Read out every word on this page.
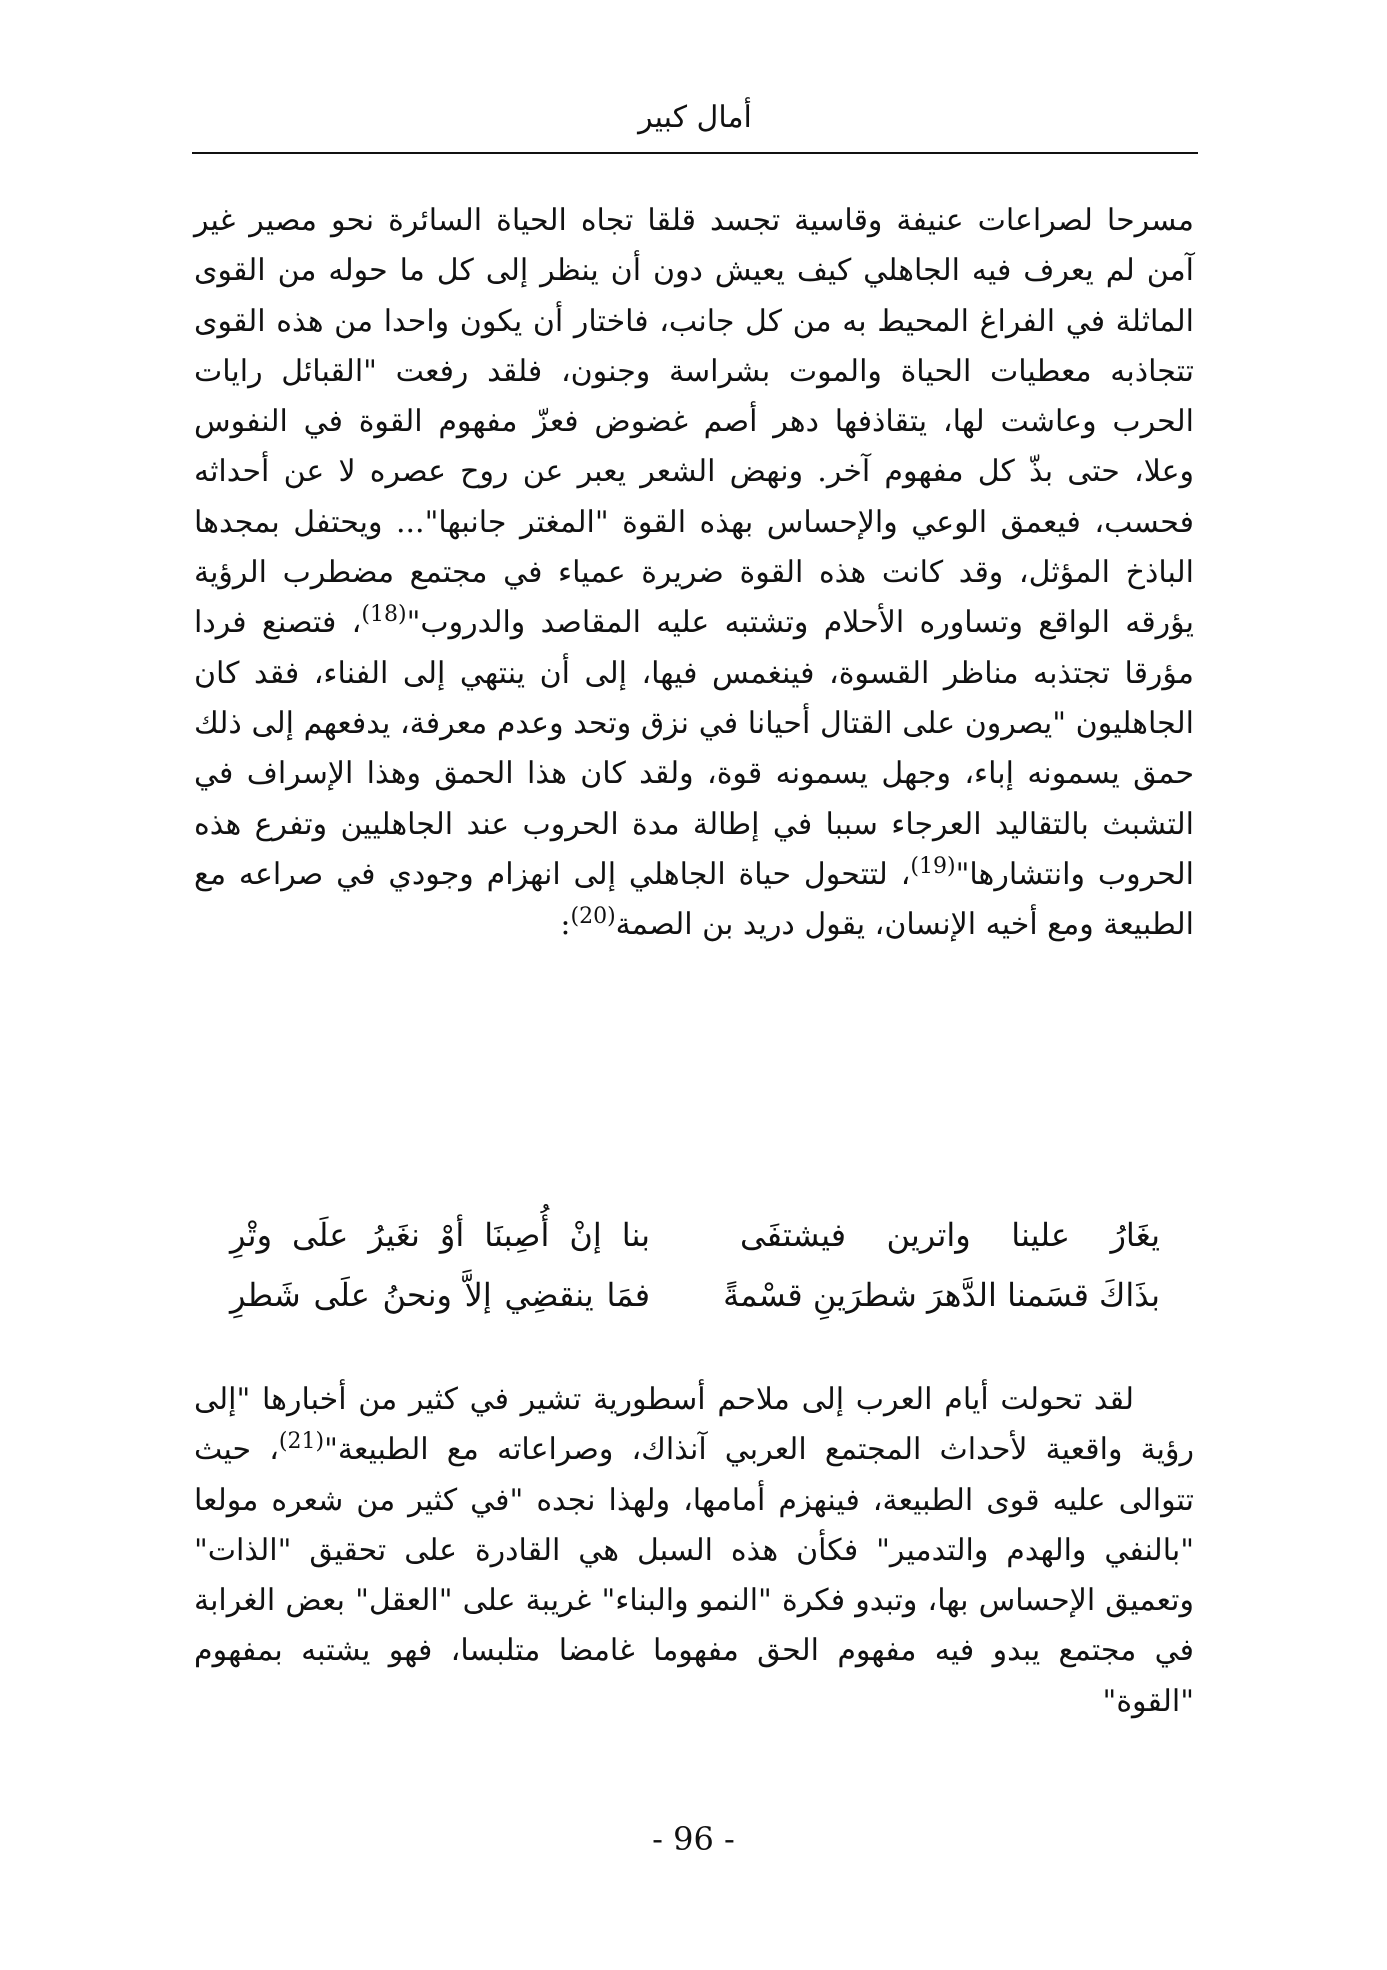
أمال كبير

مسرحا لصراعات عنيفة وقاسية تجسد قلقا تجاه الحياة السائرة نحو مصير غير آمن لم يعرف فيه الجاهلي كيف يعيش دون أن ينظر إلى كل ما حوله من القوى الماثلة في الفراغ المحيط به من كل جانب، فاختار أن يكون واحدا من هذه القوى تتجاذبه معطيات الحياة والموت بشراسة وجنون، فلقد رفعت "القبائل رايات الحرب وعاشت لها، يتقاذفها دهر أصم غضوض فعزّ مفهوم القوة في النفوس وعلا، حتى بذّ كل مفهوم آخر. ونهض الشعر يعبر عن روح عصره لا عن أحداثه فحسب، فيعمق الوعي والإحساس بهذه القوة "المغتر جانبها"... ويحتفل بمجدها الباذخ المؤثل، وقد كانت هذه القوة ضريرة عمياء في مجتمع مضطرب الرؤية يؤرقه الواقع وتساوره الأحلام وتشتبه عليه المقاصد والدروب"$^{(18)}$، فتصنع فردا مؤرقا تجتذبه مناظر القسوة، فينغمس فيها، إلى أن ينتهي إلى الفناء، فقد كان الجاهليون "يصرون على القتال أحيانا في نزق وتحد وعدم معرفة، يدفعهم إلى ذلك حمق يسمونه إباء، وجهل يسمونه قوة، ولقد كان هذا الحمق وهذا الإسراف في التشبث بالتقاليد العرجاء سببا في إطالة مدة الحروب عند الجاهليين وتفرع هذه الحروب وانتشارها"$^{(19)}$، لتتحول حياة الجاهلي إلى انهزام وجودي في صراعه مع الطبيعة ومع أخيه الإنسان، يقول دريد بن الصمة$^{(20)}$:

يغَارُ علينا واترين فيشتفَى
بنا إنْ أُصِبنَا أوْ نغَيرُ علَى وتْرِ
بذَاكَ قسَمنا الدَّهرَ شطرَينِ قسْمةً
فمَا ينقضِي إلاَّ ونحنُ علَى شَطرِ

لقد تحولت أيام العرب إلى ملاحم أسطورية تشير في كثير من أخبارها "إلى رؤية واقعية لأحداث المجتمع العربي آنذاك، وصراعاته مع الطبيعة"$^{(21)}$، حيث تتوالى عليه قوى الطبيعة، فينهزم أمامها، ولهذا نجده "في كثير من شعره مولعا "بالنفي والهدم والتدمير" فكأن هذه السبل هي القادرة على تحقيق "الذات" وتعميق الإحساس بها، وتبدو فكرة "النمو والبناء" غريبة على "العقل" بعض الغرابة في مجتمع يبدو فيه مفهوم الحق مفهوما غامضا متلبسا، فهو يشتبه بمفهوم "القوة"

- 96 -
